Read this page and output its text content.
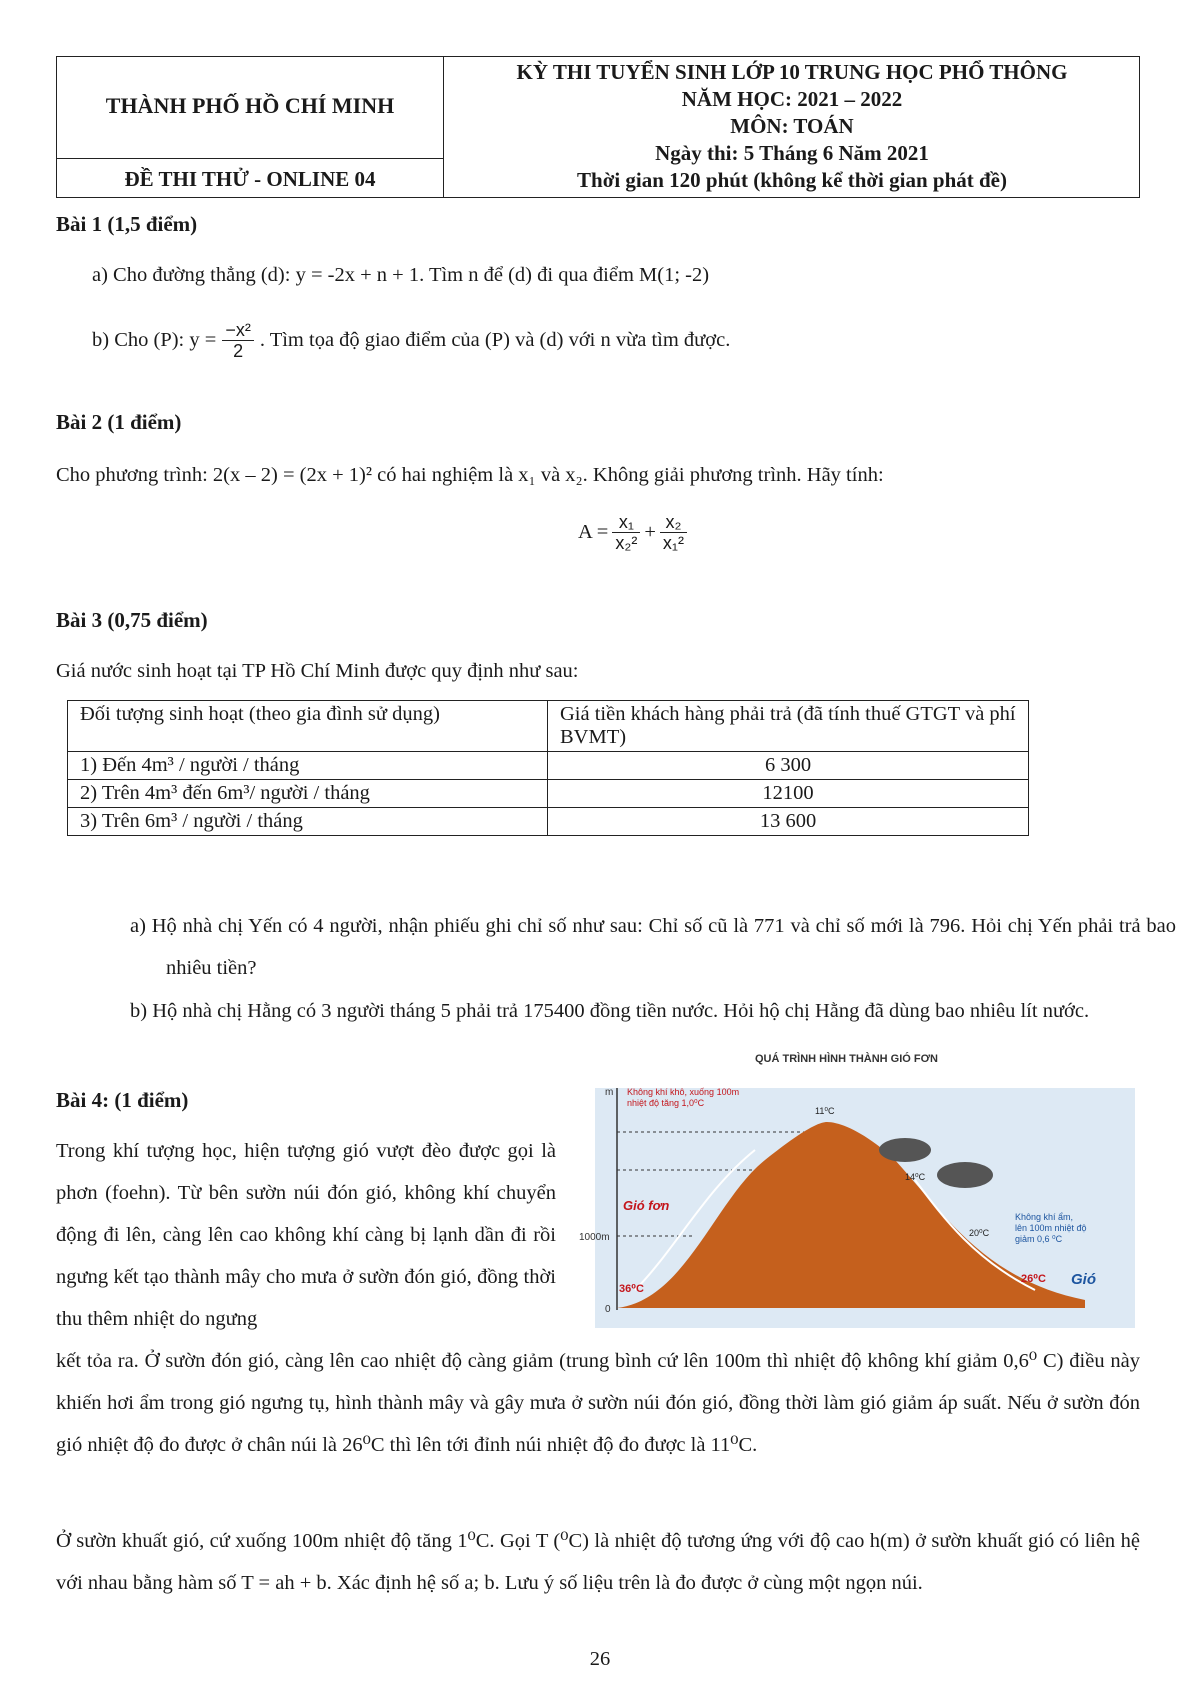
THÀNH PHỐ HỒ CHÍ MINH
ĐỀ THI THỬ - ONLINE 04
KỲ THI TUYỂN SINH LỚP 10 TRUNG HỌC PHỔ THÔNG
NĂM HỌC: 2021 – 2022
MÔN: TOÁN
Ngày thi: 5 Tháng 6 Năm 2021
Thời gian 120 phút (không kể thời gian phát đề)
Bài 1 (1,5 điểm)
a) Cho đường thẳng (d): y = -2x + n + 1. Tìm n để (d) đi qua điểm M(1; -2)
b) Cho (P): $y = \frac{\text{−x²}}{2}$ . Tìm tọa độ giao điểm của (P) và (d) với n vừa tìm được.
Bài 2 (1 điểm)
Cho phương trình: 2(x – 2) = (2x + 1)² có hai nghiệm là x₁ và x₂. Không giải phương trình. Hãy tính:
$A = \frac{\text{x₁}}{\text{x₂²}} + \frac{\text{x₂}}{\text{x₁²}}$
Bài 3 (0,75 điểm)
Giá nước sinh hoạt tại TP Hồ Chí Minh được quy định như sau:
Đối tượng sinh hoạt (theo gia đình sử dụng)	Giá tiền khách hàng phải trả (đã tính thuế GTGT và phí BVMT)
1) Đến 4m³ / người / tháng	6 300
2) Trên 4m³ đến 6m³/ người / tháng	12100
3) Trên 6m³ / người / tháng	13 600
a) Hộ nhà chị Yến có 4 người, nhận phiếu ghi chỉ số như sau: Chỉ số cũ là 771 và chỉ số mới là 796. Hỏi chị Yến phải trả bao nhiêu tiền?
b) Hộ nhà chị Hằng có 3 người tháng 5 phải trả 175400 đồng tiền nước. Hỏi hộ chị Hằng đã dùng bao nhiêu lít nước.
Bài 4: (1 điểm)
Trong khí tượng học, hiện tượng gió vượt đèo được gọi là phơn (foehn). Từ bên sườn núi đón gió, không khí chuyển động đi lên, càng lên cao không khí càng bị lạnh dần đi rồi ngưng kết tạo thành mây cho mưa ở sườn đón gió, đồng thời thu thêm nhiệt do ngưng
kết tỏa ra. Ở sườn đón gió, càng lên cao nhiệt độ càng giảm (trung bình cứ lên 100m thì nhiệt độ không khí giảm 0,6⁰ C) điều này khiến hơi ẩm trong gió ngưng tụ, hình thành mây và gây mưa ở sườn núi đón gió, đồng thời làm gió giảm áp suất. Nếu ở sườn đón gió nhiệt độ đo được ở chân núi là 26⁰C thì lên tới đỉnh núi nhiệt độ đo được là 11⁰C.
Ở sườn khuất gió, cứ xuống 100m nhiệt độ tăng 1⁰C. Gọi T (⁰C) là nhiệt độ tương ứng với độ cao h(m) ở sườn khuất gió có liên hệ với nhau bằng hàm số T = ah + b. Xác định hệ số a; b. Lưu ý số liệu trên là đo được ở cùng một ngọn núi.
QUÁ TRÌNH HÌNH THÀNH GIÓ FƠN
m
1000m
0
Không khí khô, xuống 100m
nhiệt độ tăng 1,0⁰C
Gió fơn
11⁰C
14⁰C
20⁰C
26⁰C
36⁰C
Không khí ẩm,
lên 100m nhiệt độ
giảm 0,6 ⁰C
Gió
26
